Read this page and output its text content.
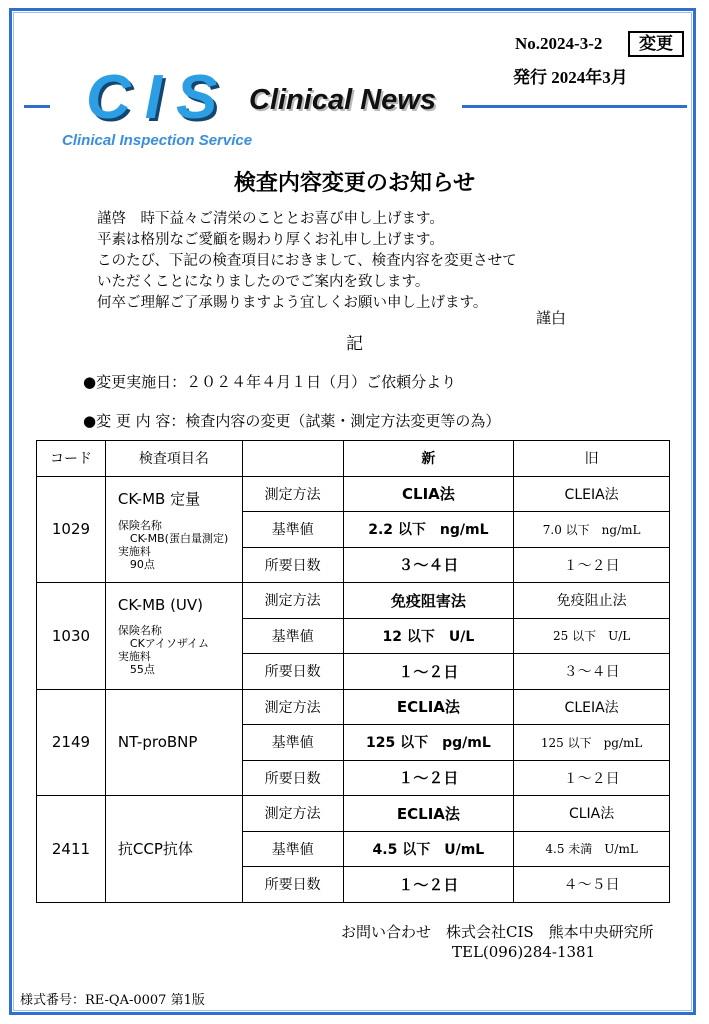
No.2024-3-2	変更
発行 2024年3月
CIS
Clinical Inspection Service
Clinical News
検査内容変更のお知らせ
謹啓　時下益々ご清栄のこととお喜び申し上げます。
平素は格別なご愛顧を賜わり厚くお礼申し上げます。
このたび、下記の検査項目におきまして、検査内容を変更させて
いただくことになりましたのでご案内を致します。
何卒ご理解ご了承賜りますよう宜しくお願い申し上げます。
謹白
記
●変更実施日：２０２４年４月１日（月）ご依頼分より
●変 更 内 容：検査内容の変更（試薬・測定方法変更等の為）
コード	検査項目名		新	旧
1029	CK-MB 定量
保険名称
CK-MB(蛋白量測定)
実施料
90点	測定方法	CLIA法	CLEIA法
		基準値	2.2 以下　ng/mL	7.0 以下　ng/mL
		所要日数	３～４日	１～２日
1030	CK-MB (UV)
保険名称
CKアイソザイム
実施料
55点	測定方法	免疫阻害法	免疫阻止法
		基準値	12 以下　U/L	25 以下　U/L
		所要日数	１～２日	３～４日
2149	NT-proBNP	測定方法	ECLIA法	CLEIA法
		基準値	125 以下　pg/mL	125 以下　pg/mL
		所要日数	１～２日	１～２日
2411	抗CCP抗体	測定方法	ECLIA法	CLIA法
		基準値	4.5 以下　U/mL	4.5 未満　U/mL
		所要日数	１～２日	４～５日
お問い合わせ　株式会社CIS　熊本中央研究所
TEL(096)284-1381
様式番号：RE-QA-0007 第1版
